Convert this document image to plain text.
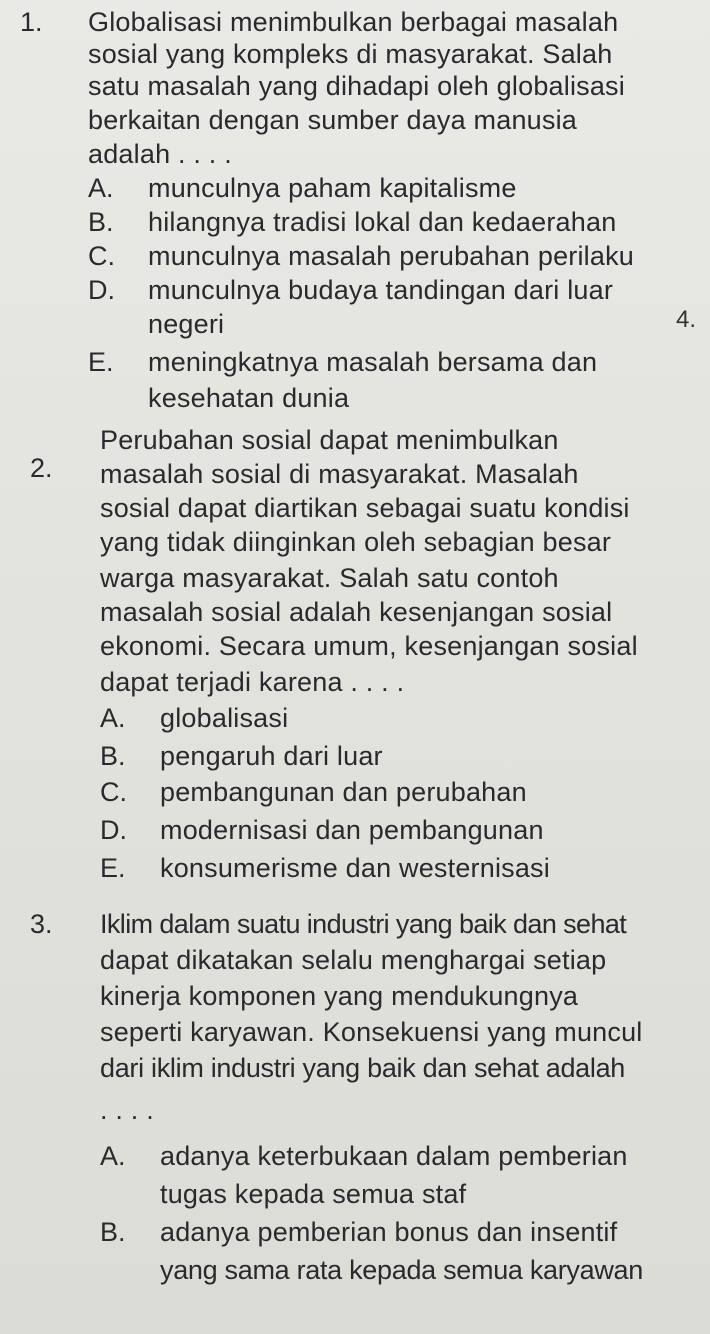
1. Globalisasi menimbulkan berbagai masalah
sosial yang kompleks di masyarakat. Salah
satu masalah yang dihadapi oleh globalisasi
berkaitan dengan sumber daya manusia
adalah . . . .
A. munculnya paham kapitalisme
B. hilangnya tradisi lokal dan kedaerahan
C. munculnya masalah perubahan perilaku
D. munculnya budaya tandingan dari luar
negeri
E. meningkatnya masalah bersama dan
kesehatan dunia
4.
2.
Perubahan sosial dapat menimbulkan
masalah sosial di masyarakat. Masalah
sosial dapat diartikan sebagai suatu kondisi
yang tidak diinginkan oleh sebagian besar
warga masyarakat. Salah satu contoh
masalah sosial adalah kesenjangan sosial
ekonomi. Secara umum, kesenjangan sosial
dapat terjadi karena . . . .
A. globalisasi
B. pengaruh dari luar
C. pembangunan dan perubahan
D. modernisasi dan pembangunan
E. konsumerisme dan westernisasi
3. Iklim dalam suatu industri yang baik dan sehat
dapat dikatakan selalu menghargai setiap
kinerja komponen yang mendukungnya
seperti karyawan. Konsekuensi yang muncul
dari iklim industri yang baik dan sehat adalah
. . . .
A. adanya keterbukaan dalam pemberian
tugas kepada semua staf
B. adanya pemberian bonus dan insentif
yang sama rata kepada semua karyawan
